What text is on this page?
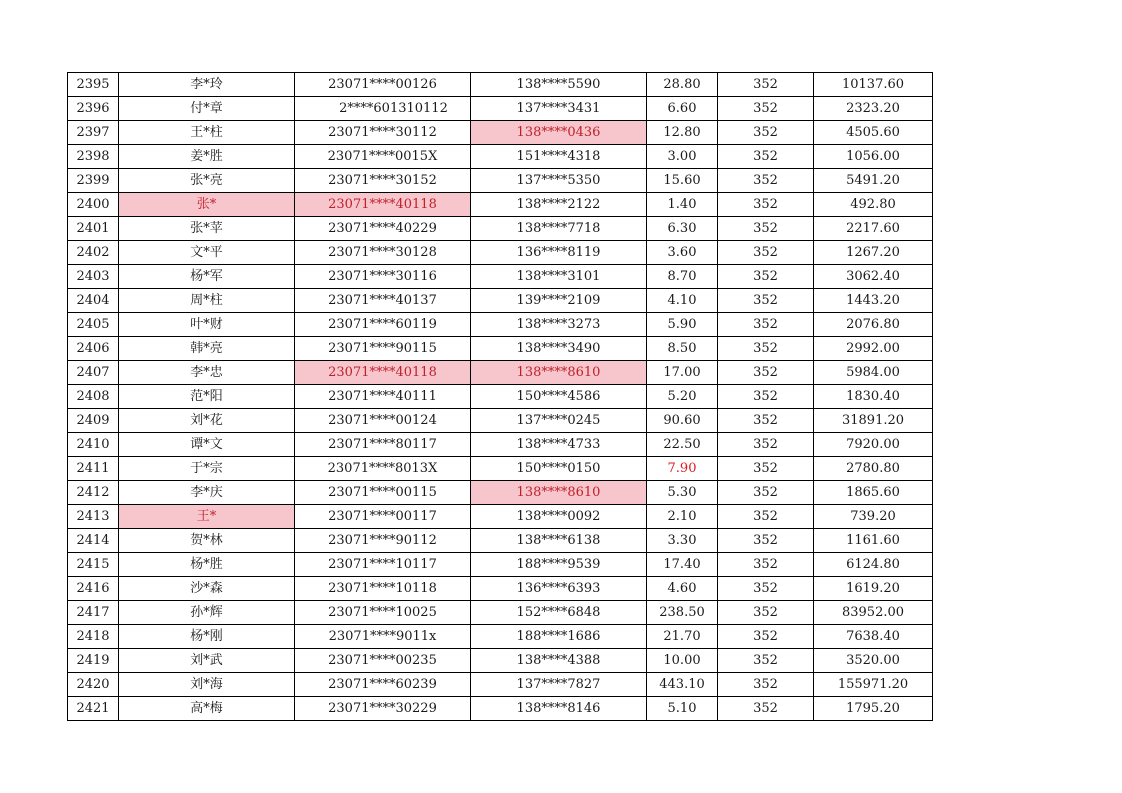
2395	李*玲	23071****00126	138****5590	28.80	352	10137.60
2396	付*章	2****601310112	137****3431	6.60	352	2323.20
2397	王*柱	23071****30112	138****0436	12.80	352	4505.60
2398	姜*胜	23071****0015X	151****4318	3.00	352	1056.00
2399	张*亮	23071****30152	137****5350	15.60	352	5491.20
2400	张*	23071****40118	138****2122	1.40	352	492.80
2401	张*苹	23071****40229	138****7718	6.30	352	2217.60
2402	文*平	23071****30128	136****8119	3.60	352	1267.20
2403	杨*军	23071****30116	138****3101	8.70	352	3062.40
2404	周*柱	23071****40137	139****2109	4.10	352	1443.20
2405	叶*财	23071****60119	138****3273	5.90	352	2076.80
2406	韩*亮	23071****90115	138****3490	8.50	352	2992.00
2407	李*忠	23071****40118	138****8610	17.00	352	5984.00
2408	范*阳	23071****40111	150****4586	5.20	352	1830.40
2409	刘*花	23071****00124	137****0245	90.60	352	31891.20
2410	谭*文	23071****80117	138****4733	22.50	352	7920.00
2411	于*宗	23071****8013X	150****0150	7.90	352	2780.80
2412	李*庆	23071****00115	138****8610	5.30	352	1865.60
2413	王*	23071****00117	138****0092	2.10	352	739.20
2414	贺*林	23071****90112	138****6138	3.30	352	1161.60
2415	杨*胜	23071****10117	188****9539	17.40	352	6124.80
2416	沙*森	23071****10118	136****6393	4.60	352	1619.20
2417	孙*辉	23071****10025	152****6848	238.50	352	83952.00
2418	杨*刚	23071****9011x	188****1686	21.70	352	7638.40
2419	刘*武	23071****00235	138****4388	10.00	352	3520.00
2420	刘*海	23071****60239	137****7827	443.10	352	155971.20
2421	高*梅	23071****30229	138****8146	5.10	352	1795.20
